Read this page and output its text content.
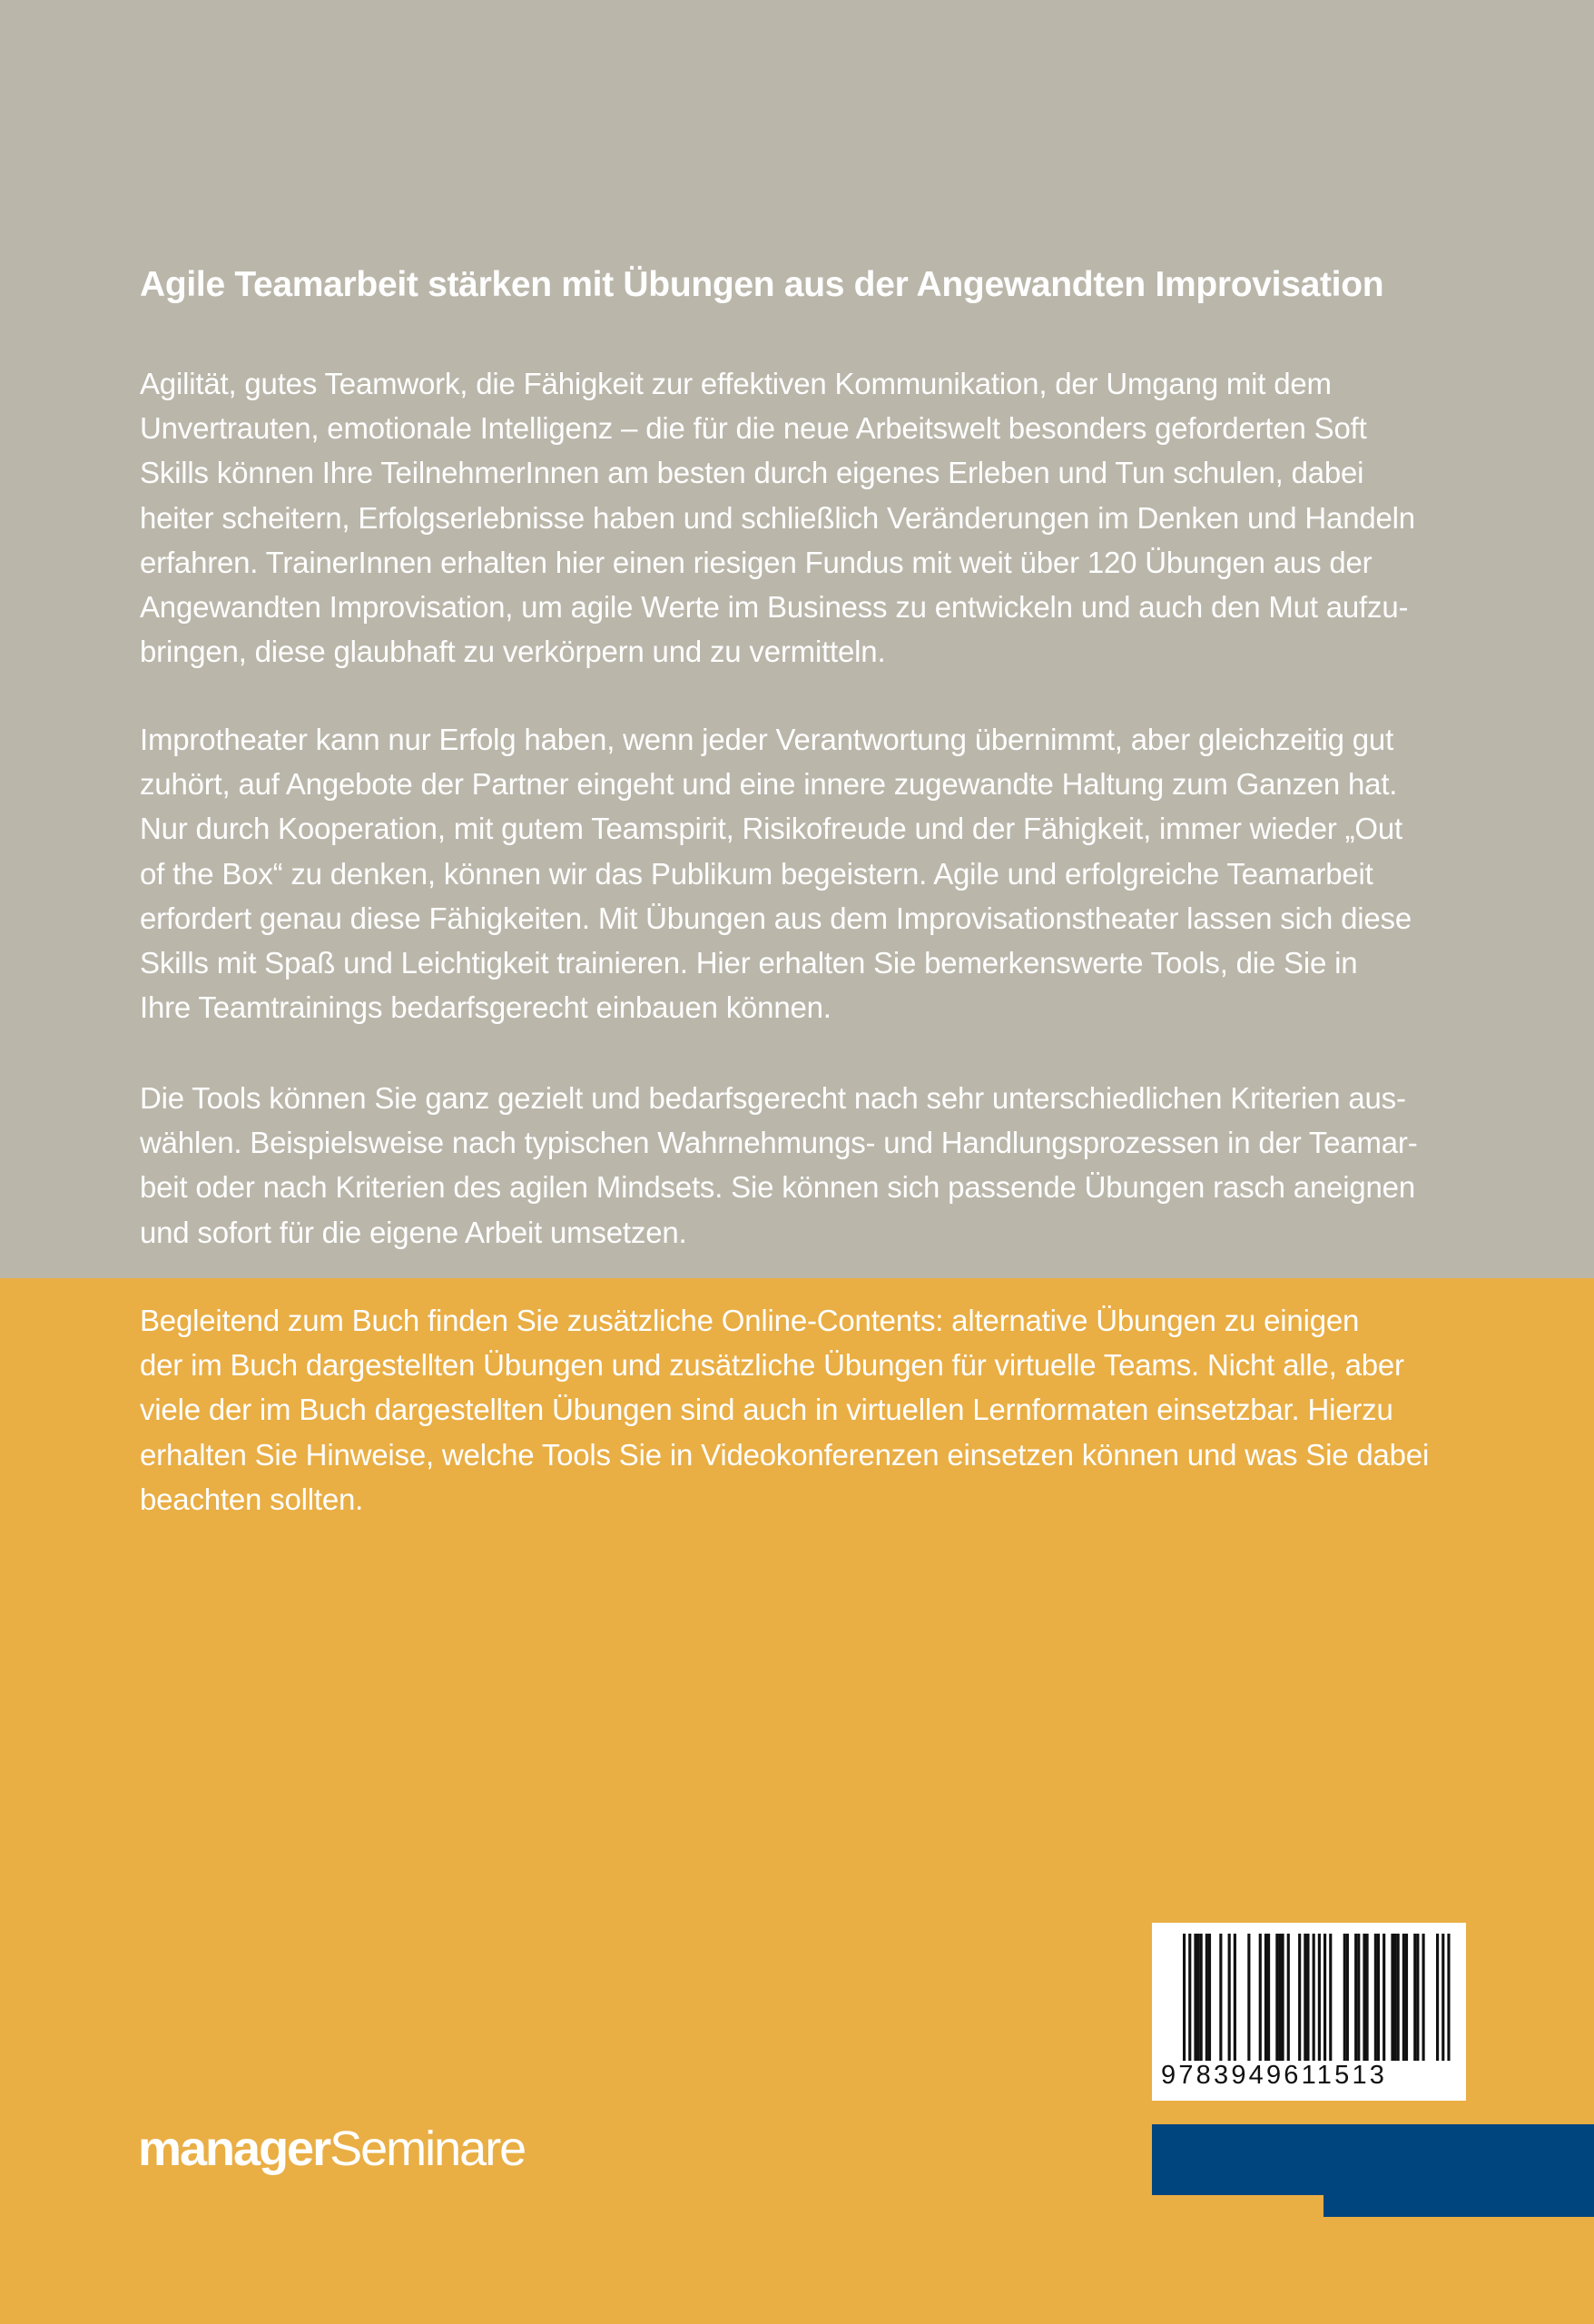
Agile Teamarbeit stärken mit Übungen aus der Angewandten Improvisation
Agilität, gutes Teamwork, die Fähigkeit zur effektiven Kommunikation, der Umgang mit dem
Unvertrauten, emotionale Intelligenz – die für die neue Arbeitswelt besonders geforderten Soft
Skills können Ihre TeilnehmerInnen am besten durch eigenes Erleben und Tun schulen, dabei
heiter scheitern, Erfolgserlebnisse haben und schließlich Veränderungen im Denken und Handeln
erfahren. TrainerInnen erhalten hier einen riesigen Fundus mit weit über 120 Übungen aus der
Angewandten Improvisation, um agile Werte im Business zu entwickeln und auch den Mut aufzu-
bringen, diese glaubhaft zu verkörpern und zu vermitteln.
Improtheater kann nur Erfolg haben, wenn jeder Verantwortung übernimmt, aber gleichzeitig gut
zuhört, auf Angebote der Partner eingeht und eine innere zugewandte Haltung zum Ganzen hat.
Nur durch Kooperation, mit gutem Teamspirit, Risikofreude und der Fähigkeit, immer wieder „Out
of the Box“ zu denken, können wir das Publikum begeistern. Agile und erfolgreiche Teamarbeit
erfordert genau diese Fähigkeiten. Mit Übungen aus dem Improvisationstheater lassen sich diese
Skills mit Spaß und Leichtigkeit trainieren. Hier erhalten Sie bemerkenswerte Tools, die Sie in
Ihre Teamtrainings bedarfsgerecht einbauen können.
Die Tools können Sie ganz gezielt und bedarfsgerecht nach sehr unterschiedlichen Kriterien aus-
wählen. Beispielsweise nach typischen Wahrnehmungs- und Handlungsprozessen in der Teamar-
beit oder nach Kriterien des agilen Mindsets. Sie können sich passende Übungen rasch aneignen
und sofort für die eigene Arbeit umsetzen.
Begleitend zum Buch finden Sie zusätzliche Online-Contents: alternative Übungen zu einigen
der im Buch dargestellten Übungen und zusätzliche Übungen für virtuelle Teams. Nicht alle, aber
viele der im Buch dargestellten Übungen sind auch in virtuellen Lernformaten einsetzbar. Hierzu
erhalten Sie Hinweise, welche Tools Sie in Videokonferenzen einsetzen können und was Sie dabei
beachten sollten.
managerSeminare
9783949611513
